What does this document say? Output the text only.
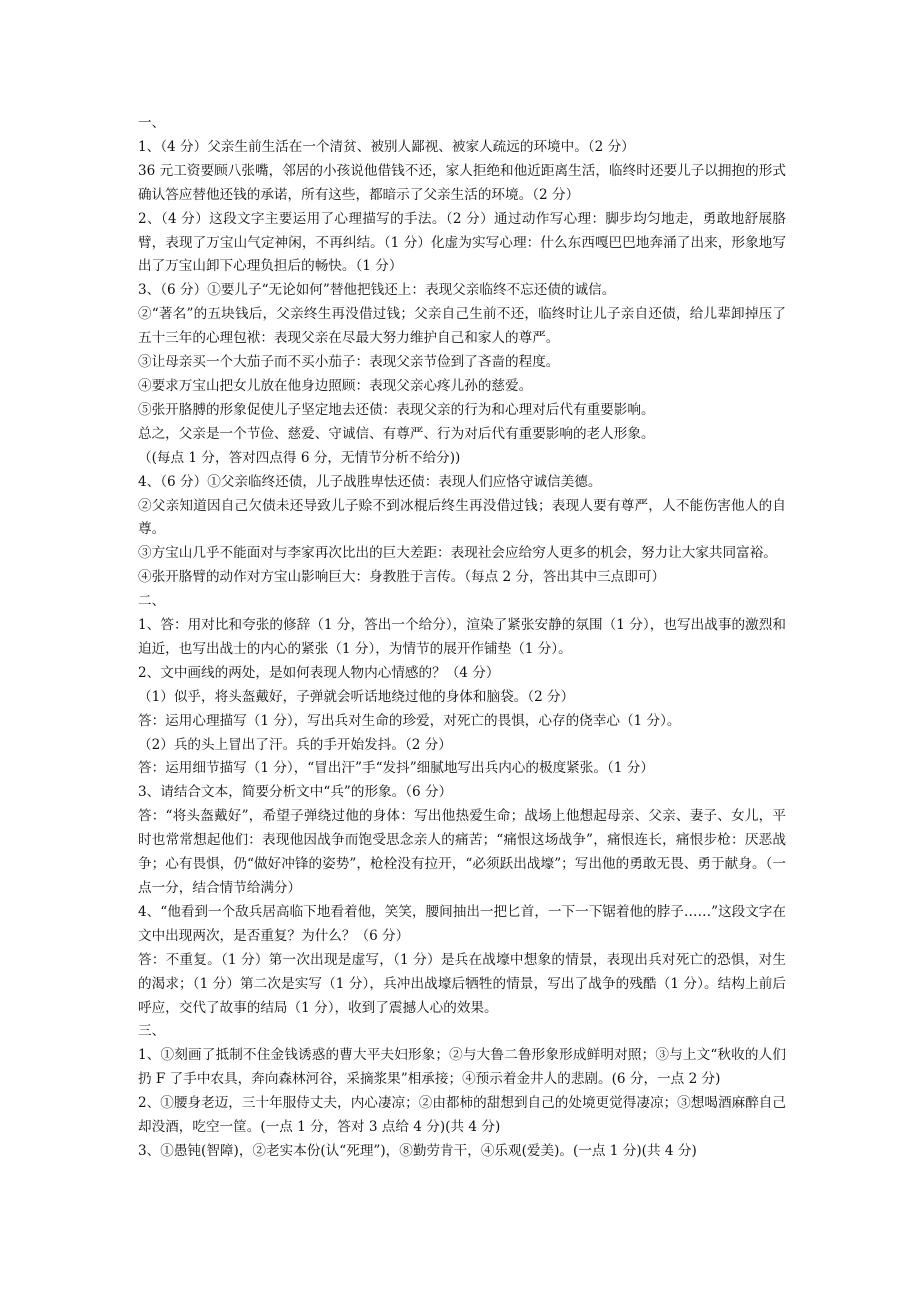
一、

1、（4 分）父亲生前生活在一个清贫、被别人鄙视、被家人疏远的环境中。（2 分）

36 元工资要顾八张嘴，邻居的小孩说他借钱不还，家人拒绝和他近距离生活，临终时还要儿子以拥抱的形式确认答应替他还钱的承诺，所有这些，都暗示了父亲生活的环境。（2 分）

2、（4 分）这段文字主要运用了心理描写的手法。（2 分）通过动作写心理：脚步均匀地走，勇敢地舒展胳臂，表现了万宝山气定神闲，不再纠结。（1 分）化虚为实写心理：什么东西嘎巴巴地奔涌了出来，形象地写出了万宝山卸下心理负担后的畅快。（1 分）

3、（6 分）①要儿子“无论如何”替他把钱还上：表现父亲临终不忘还债的诚信。

②“著名”的五块钱后，父亲终生再没借过钱；父亲自己生前不还，临终时让儿子亲自还债，给儿辈卸掉压了五十三年的心理包袱：表现父亲在尽最大努力维护自己和家人的尊严。

③让母亲买一个大茄子而不买小茄子：表现父亲节俭到了吝啬的程度。

④要求万宝山把女儿放在他身边照顾：表现父亲心疼儿孙的慈爱。

⑤张开胳膊的形象促使儿子坚定地去还债：表现父亲的行为和心理对后代有重要影响。

总之，父亲是一个节俭、慈爱、守诚信、有尊严、行为对后代有重要影响的老人形象。

（(每点 1 分，答对四点得 6 分，无情节分析不给分))

4、（6 分）①父亲临终还债，儿子战胜卑怯还债：表现人们应恪守诚信美德。

②父亲知道因自己欠债未还导致儿子赊不到冰棍后终生再没借过钱；表现人要有尊严，人不能伤害他人的自尊。

③方宝山几乎不能面对与李家再次比出的巨大差距：表现社会应给穷人更多的机会，努力让大家共同富裕。

④张开胳臂的动作对方宝山影响巨大：身教胜于言传。（每点 2 分，答出其中三点即可）

二、

1、答：用对比和夸张的修辞（1 分，答出一个给分），渲染了紧张安静的氛围（1 分），也写出战事的激烈和迫近，也写出战士的内心的紧张（1 分），为情节的展开作铺垫（1 分）。

2、文中画线的两处，是如何表现人物内心情感的？（4 分）

（1）似乎，将头盔戴好，子弹就会听话地绕过他的身体和脑袋。（2 分）

答：运用心理描写（1 分），写出兵对生命的珍爱，对死亡的畏惧，心存的侥幸心（1 分）。

（2）兵的头上冒出了汗。兵的手开始发抖。（2 分）

答：运用细节描写（1 分），“冒出汗”手“发抖”细腻地写出兵内心的极度紧张。（1 分）

3、请结合文本，简要分析文中“兵”的形象。（6 分）

答：“将头盔戴好”，希望子弹绕过他的身体：写出他热爱生命；战场上他想起母亲、父亲、妻子、女儿，平时也常常想起他们：表现他因战争而饱受思念亲人的痛苦；“痛恨这场战争”，痛恨连长，痛恨步枪：厌恶战争；心有畏惧，仍“做好冲锋的姿势”，枪栓没有拉开，“必须跃出战壕”；写出他的勇敢无畏、勇于献身。（一点一分，结合情节给满分）

4、“他看到一个敌兵居高临下地看着他，笑笑，腰间抽出一把匕首，一下一下锯着他的脖子……”这段文字在文中出现两次，是否重复？为什么？（6 分）

答：不重复。（1 分）第一次出现是虚写，（1 分）是兵在战壕中想象的情景，表现出兵对死亡的恐惧，对生的渴求；（1 分）第二次是实写（1 分），兵冲出战壕后牺牲的情景，写出了战争的残酷（1 分）。结构上前后呼应，交代了故事的结局（1 分），收到了震撼人心的效果。

三、

1、①刻画了抵制不住金钱诱惑的曹大平夫妇形象；②与大鲁二鲁形象形成鲜明对照；③与上文“秋收的人们扔 F 了手中农具，奔向森林河谷，采摘浆果”相承接；④预示着金井人的悲剧。(6 分，一点 2 分)

2、①腰身老迈，三十年服侍丈夫，内心凄凉；②由都柿的甜想到自己的处境更觉得凄凉；③想喝酒麻醉自己却没酒，吃空一筐。(一点 1 分，答对 3 点给 4 分)(共 4 分)

3、①愚钝(智障)，②老实本份(认“死理”)，⑧勤劳肯干，④乐观(爱美)。(一点 1 分)(共 4 分)
